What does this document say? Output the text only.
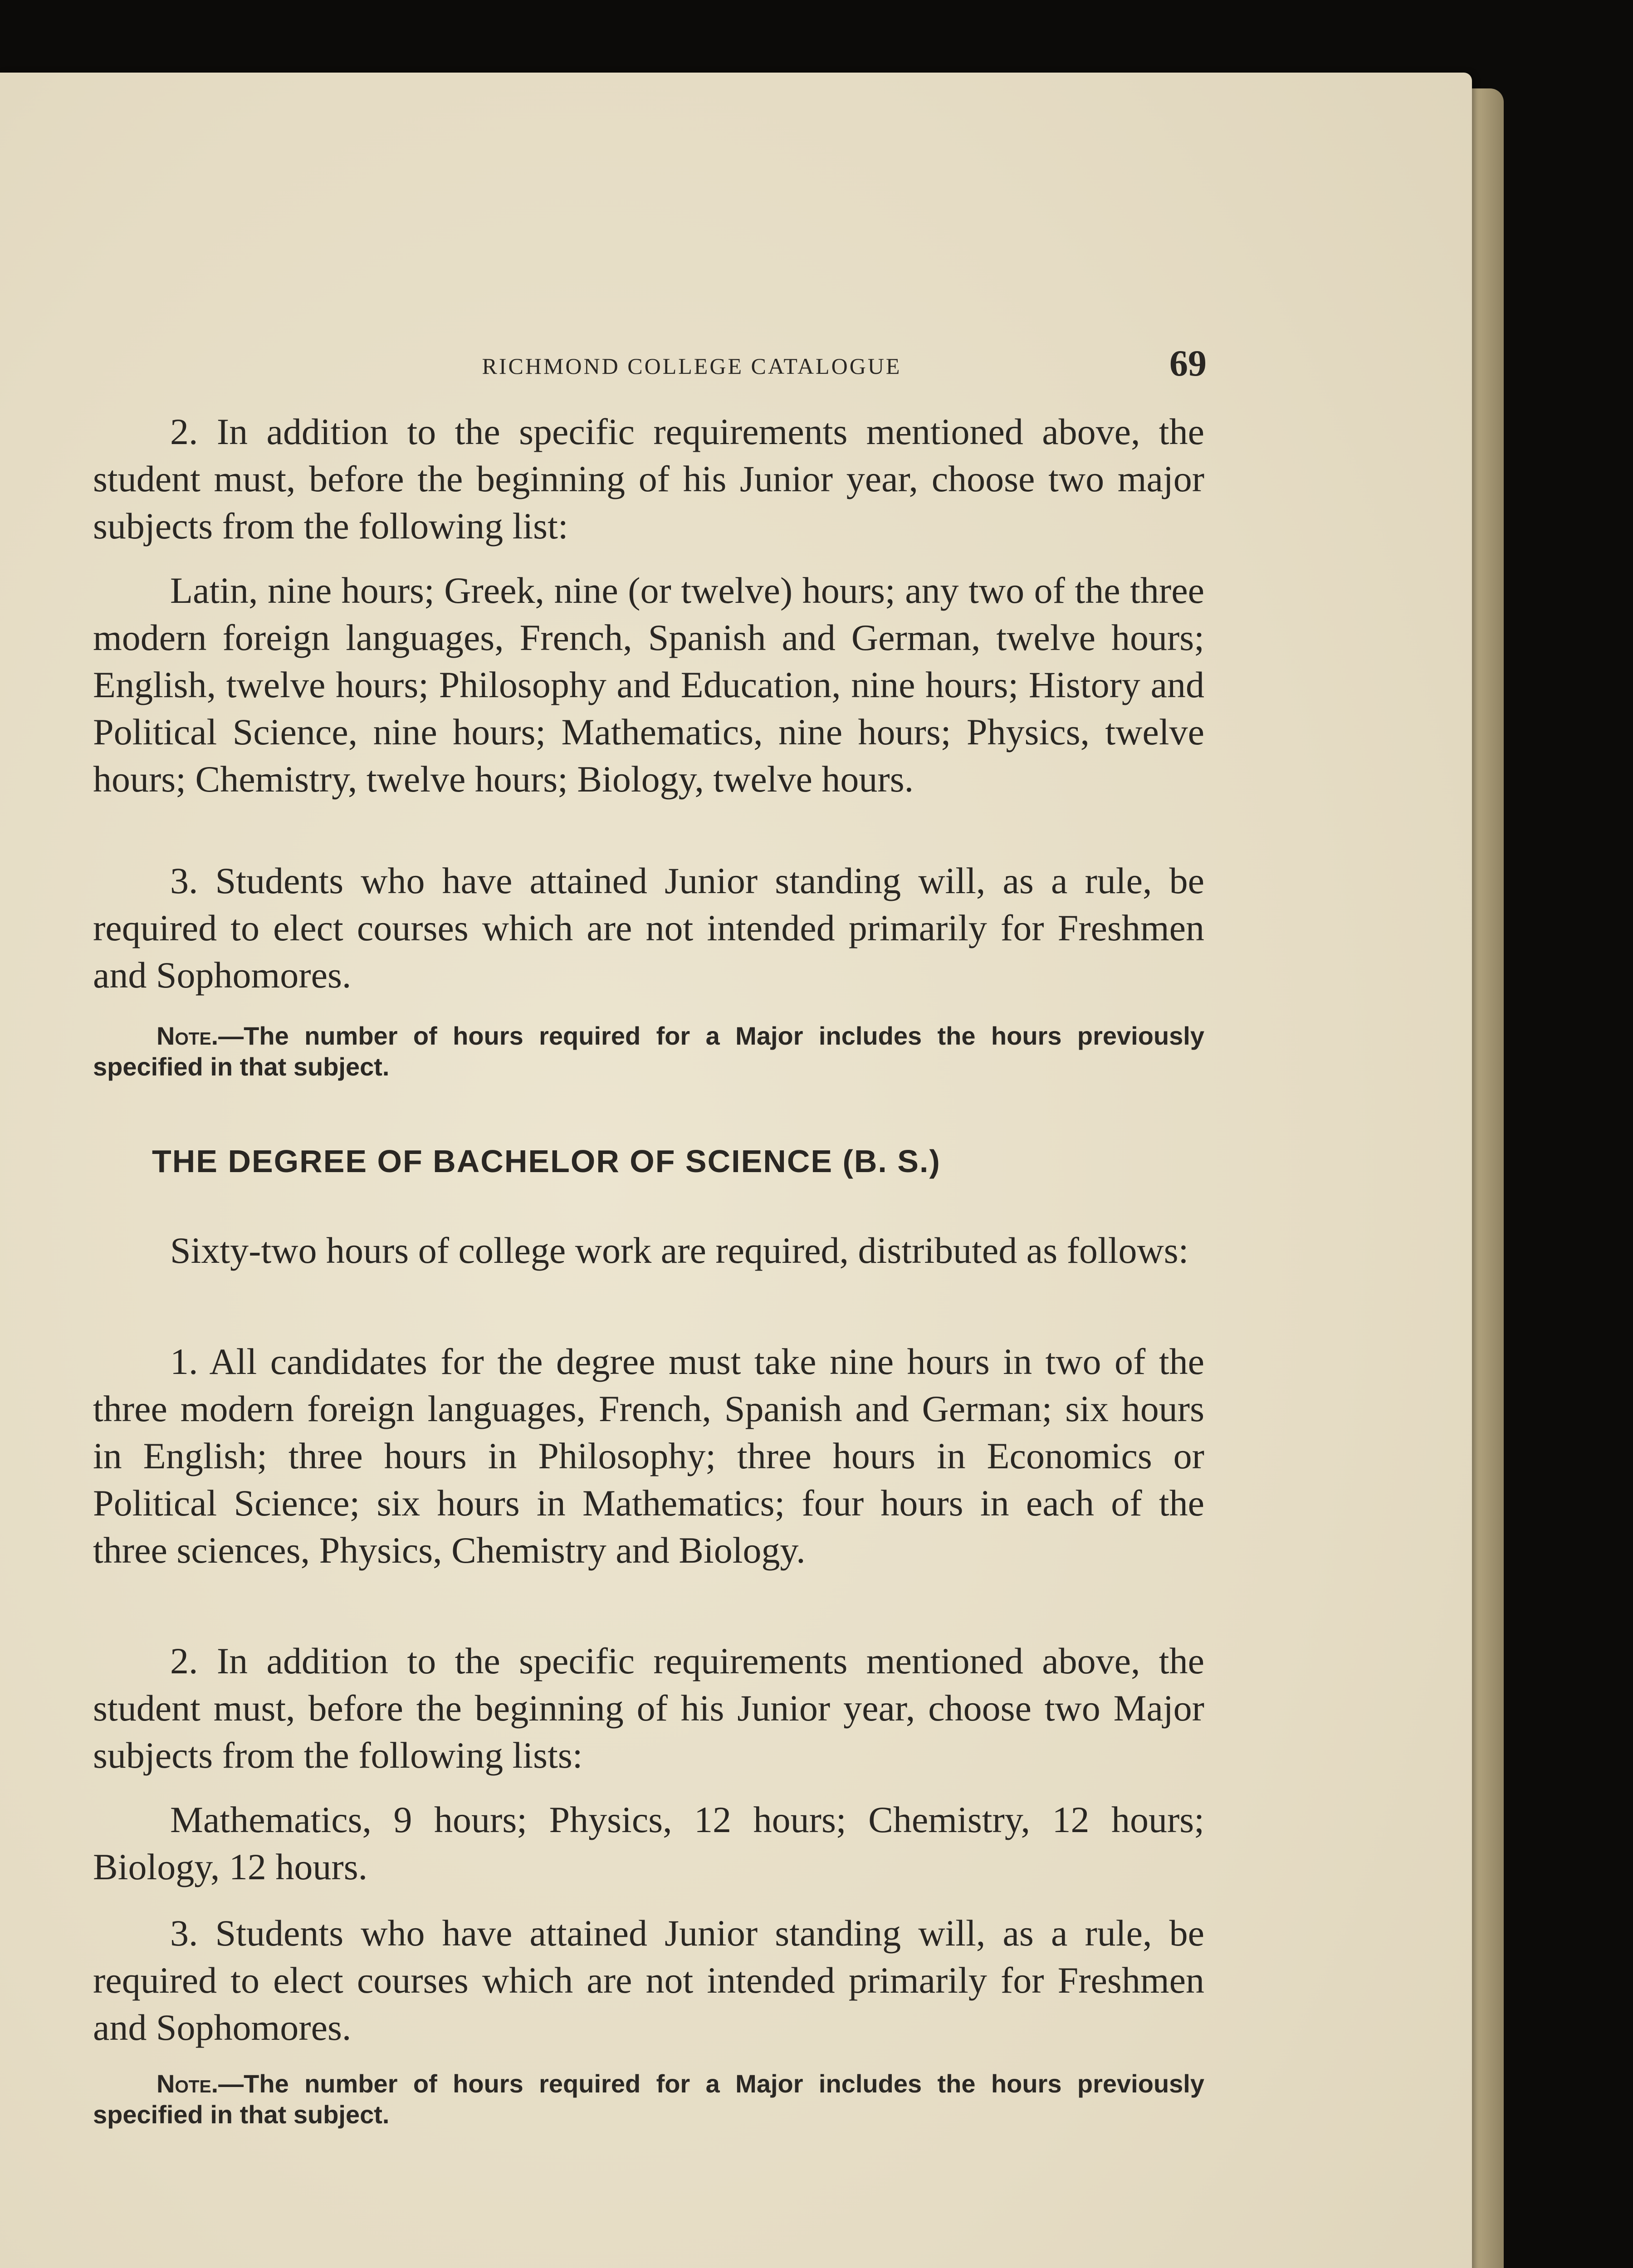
RICHMOND COLLEGE CATALOGUE	69

2. In addition to the specific requirements mentioned above, the student must, before the beginning of his Junior year, choose two major subjects from the following list:

Latin, nine hours; Greek, nine (or twelve) hours; any two of the three modern foreign languages, French, Spanish and German, twelve hours; English, twelve hours; Philosophy and Education, nine hours; History and Political Science, nine hours; Mathematics, nine hours; Physics, twelve hours; Chemistry, twelve hours; Biology, twelve hours.

3. Students who have attained Junior standing will, as a rule, be required to elect courses which are not intended primarily for Freshmen and Sophomores.

Note.—The number of hours required for a Major includes the hours previously specified in that subject.

THE DEGREE OF BACHELOR OF SCIENCE (B. S.)

Sixty-two hours of college work are required, distributed as follows:

1. All candidates for the degree must take nine hours in two of the three modern foreign languages, French, Spanish and German; six hours in English; three hours in Philosophy; three hours in Economics or Political Science; six hours in Mathematics; four hours in each of the three sciences, Physics, Chemistry and Biology.

2. In addition to the specific requirements mentioned above, the student must, before the beginning of his Junior year, choose two Major subjects from the following lists:

Mathematics, 9 hours; Physics, 12 hours; Chemistry, 12 hours; Biology, 12 hours.

3. Students who have attained Junior standing will, as a rule, be required to elect courses which are not intended primarily for Freshmen and Sophomores.

Note.—The number of hours required for a Major includes the hours previously specified in that subject.
